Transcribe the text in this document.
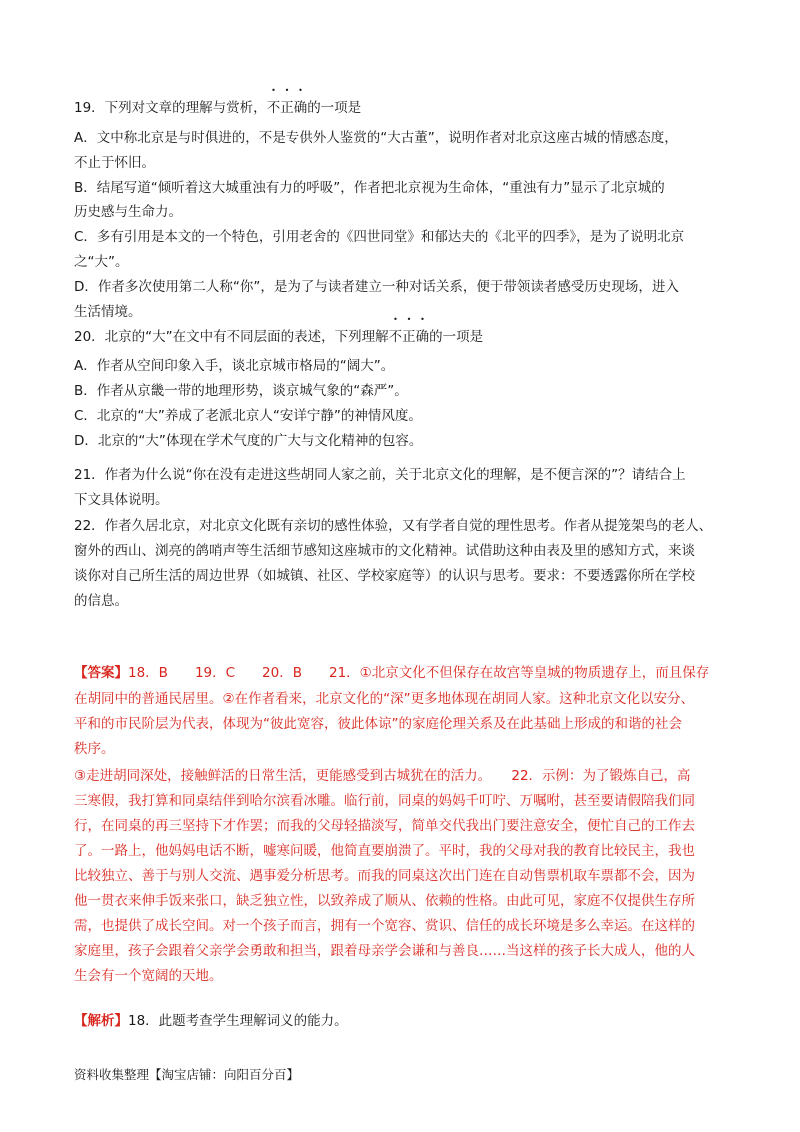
19．下列对文章的理解与赏析，不正确的一项是
A．文中称北京是与时俱进的，不是专供外人鉴赏的“大古董”，说明作者对北京这座古城的情感态度，
不止于怀旧。
B．结尾写道“倾听着这大城重浊有力的呼吸”，作者把北京视为生命体，“重浊有力”显示了北京城的
历史感与生命力。
C．多有引用是本文的一个特色，引用老舍的《四世同堂》和郁达夫的《北平的四季》，是为了说明北京
之“大”。
D．作者多次使用第二人称“你”，是为了与读者建立一种对话关系，便于带领读者感受历史现场，进入
生活情境。
20．北京的“大”在文中有不同层面的表述，下列理解不正确的一项是
A．作者从空间印象入手，谈北京城市格局的“阔大”。
B．作者从京畿一带的地理形势，谈京城气象的“森严”。
C．北京的“大”养成了老派北京人“安详宁静”的神情风度。
D．北京的“大”体现在学术气度的广大与文化精神的包容。
21．作者为什么说“你在没有走进这些胡同人家之前，关于北京文化的理解，是不便言深的”？请结合上
下文具体说明。
22．作者久居北京，对北京文化既有亲切的感性体验，又有学者自觉的理性思考。作者从提笼架鸟的老人、
窗外的西山、浏亮的鸽哨声等生活细节感知这座城市的文化精神。试借助这种由表及里的感知方式，来谈
谈你对自己所生活的周边世界（如城镇、社区、学校家庭等）的认识与思考。要求：不要透露你所在学校
的信息。
【答案】18．B　　19．C　　20．B　　21．①北京文化不但保存在故宫等皇城的物质遗存上，而且保存
在胡同中的普通民居里。②在作者看来，北京文化的“深”更多地体现在胡同人家。这种北京文化以安分、
平和的市民阶层为代表，体现为“彼此宽容，彼此体谅”的家庭伦理关系及在此基础上形成的和谐的社会
秩序。
③走进胡同深处，接触鲜活的日常生活，更能感受到古城犹在的活力。　　22．示例：为了锻炼自己，高
三寒假，我打算和同桌结伴到哈尔滨看冰雕。临行前，同桌的妈妈千叮咛、万嘱咐，甚至要请假陪我们同
行，在同桌的再三坚持下才作罢；而我的父母轻描淡写，简单交代我出门要注意安全，便忙自己的工作去
了。一路上，他妈妈电话不断，嘘寒问暖，他简直要崩溃了。平时，我的父母对我的教育比较民主，我也
比较独立、善于与别人交流、遇事爱分析思考。而我的同桌这次出门连在自动售票机取车票都不会，因为
他一贯衣来伸手饭来张口，缺乏独立性，以致养成了顺从、依赖的性格。由此可见，家庭不仅提供生存所
需，也提供了成长空间。对一个孩子而言，拥有一个宽容、赏识、信任的成长环境是多么幸运。在这样的
家庭里，孩子会跟着父亲学会勇敢和担当，跟着母亲学会谦和与善良……当这样的孩子长大成人，他的人
生会有一个宽阔的天地。
【解析】18．此题考查学生理解词义的能力。
资料收集整理【淘宝店铺：向阳百分百】
